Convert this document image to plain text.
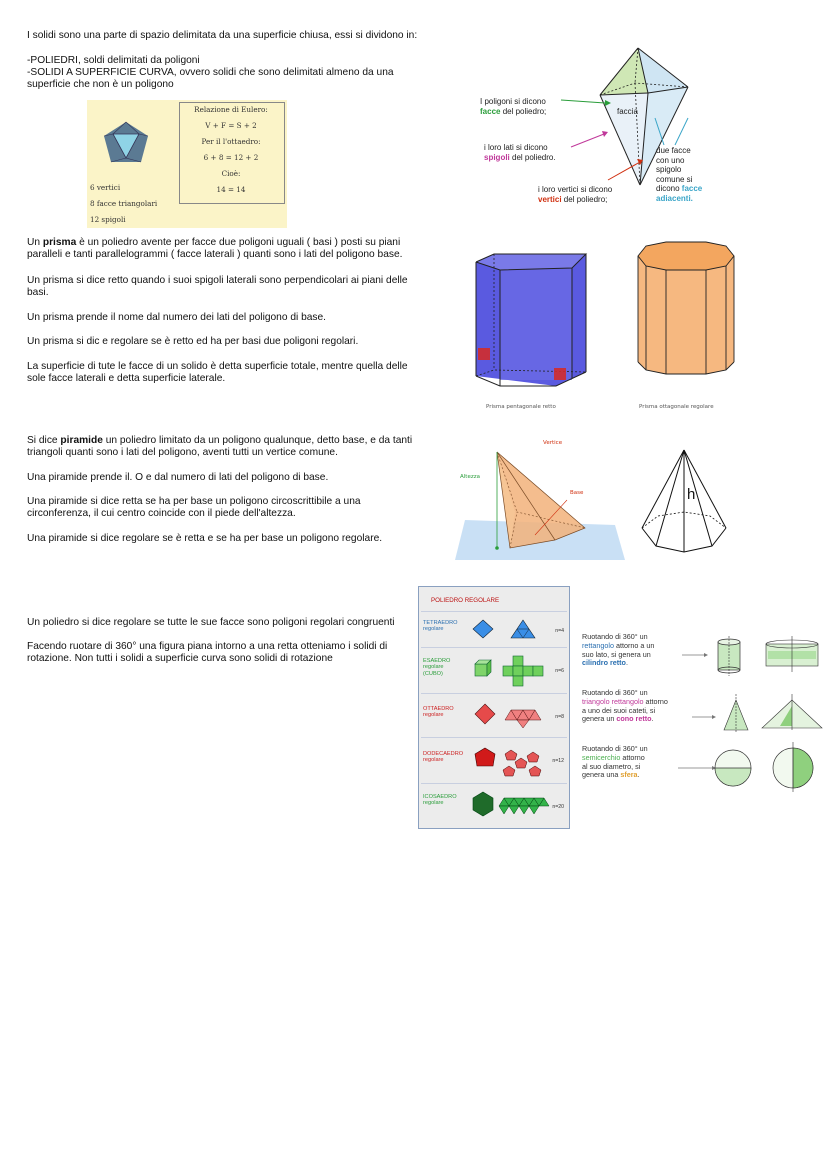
I solidi sono una parte di spazio delimitata da una superficie chiusa, essi si dividono in:

-POLIEDRI, soldi delimitati da poligoni

-SOLIDI A SUPERFICIE CURVA, ovvero solidi che sono delimitati almeno da una

superficie che non è un poligono

Relazione di Eulero:
V + F = S + 2
Per il l'ottaedro:
6 + 8 = 12 + 2
Cioè:
14 = 14
6 vertici
8 facce triangolari
12 spigoli
faccia
I poligoni si dicono
facce del poliedro;
i loro lati si dicono
spigoli del poliedro.
i loro vertici si dicono
vertici del poliedro;
due facce
con uno
spigolo
comune si
dicono facce
adiacenti.

Un prisma è un poliedro avente per facce due poligoni uguali ( basi ) posti su piani

paralleli e tanti parallelogrammi ( facce laterali ) quanti sono i lati del poligono base.

Un prisma si dice retto quando i suoi spigoli laterali sono perpendicolari ai piani delle

basi.

Un prisma prende il nome dal numero dei lati del poligono di base.

Un prisma si dic e regolare se è retto ed ha per basi due poligoni regolari.

La superficie di tute le facce di un solido è detta superficie totale, mentre quella delle

sole facce laterali e detta superficie laterale.

Prisma pentagonale retto	Prisma ottagonale regolare

Si dice piramide un poliedro limitato da un poligono qualunque, detto base, e da tanti

triangoli quanti sono i lati del poligono, aventi tutti un vertice comune.

Una piramide prende il. O e dal numero di lati del poligono di base.

Una piramide si dice retta se ha per base un poligono circoscrittibile a una

circonferenza, il cui centro coincide con il piede dell'altezza.

Una piramide si dice regolare se è retta e se ha per base un poligono regolare.

Vertice
Altezza
Base	h

Un poliedro si dice regolare se tutte le sue facce sono poligoni regolari congruenti

Facendo ruotare di 360° una figura piana intorno a una retta otteniamo i solidi di

rotazione. Non tutti i solidi a superficie curva sono solidi di rotazione

POLIEDRO REGOLARE
TETRAEDRO
regolare	n=4
ESAEDRO
regolare
(CUBO)	n=6
OTTAEDRO
regolare	n=8
DODECAEDRO
regolare	n=12
ICOSAEDRO
regolare
n=20
Ruotando di 360° un
rettangolo attorno a un
suo lato, si genera un
cilindro retto.
Ruotando di 360° un
triangolo rettangolo attorno
a uno dei suoi cateti, si
genera un cono retto.
Ruotando di 360° un
semicerchio attorno
al suo diametro, si
genera una sfera.
